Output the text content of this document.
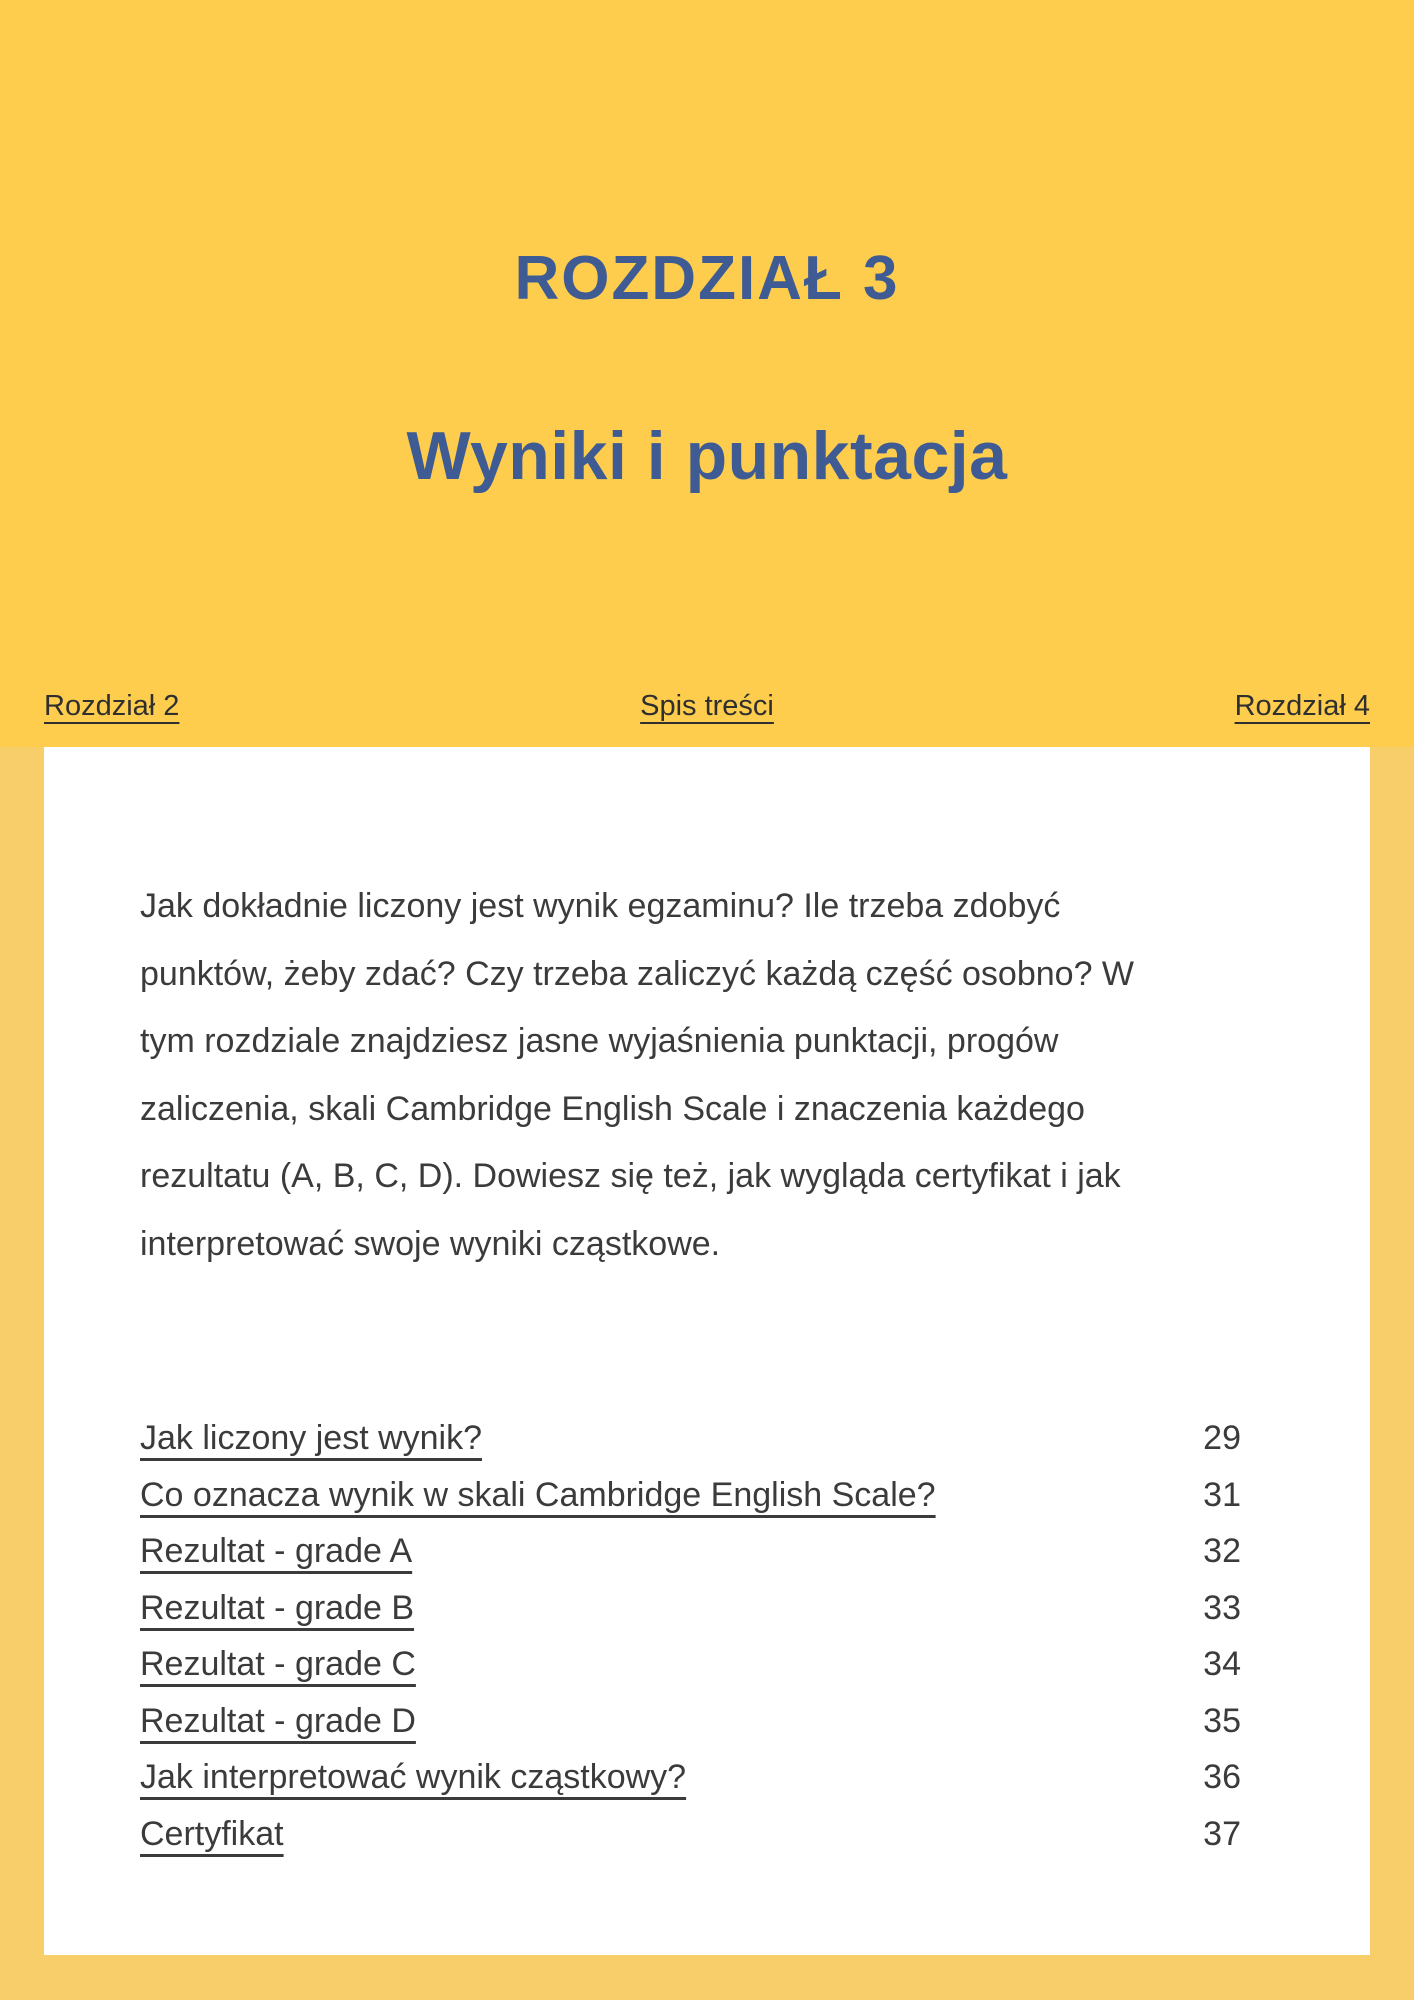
ROZDZIAŁ 3
Wyniki i punktacja
Rozdział 2	Spis treści	Rozdział 4

Jak dokładnie liczony jest wynik egzaminu? Ile trzeba zdobyć

punktów, żeby zdać? Czy trzeba zaliczyć każdą część osobno? W

tym rozdziale znajdziesz jasne wyjaśnienia punktacji, progów

zaliczenia, skali Cambridge English Scale i znaczenia każdego

rezultatu (A, B, C, D). Dowiesz się też, jak wygląda certyfikat i jak

interpretować swoje wyniki cząstkowe.

Jak liczony jest wynik?	29
Co oznacza wynik w skali Cambridge English Scale?	31
Rezultat - grade A	32
Rezultat - grade B	33
Rezultat - grade C	34
Rezultat - grade D	35
Jak interpretować wynik cząstkowy?	36
Certyfikat	37
